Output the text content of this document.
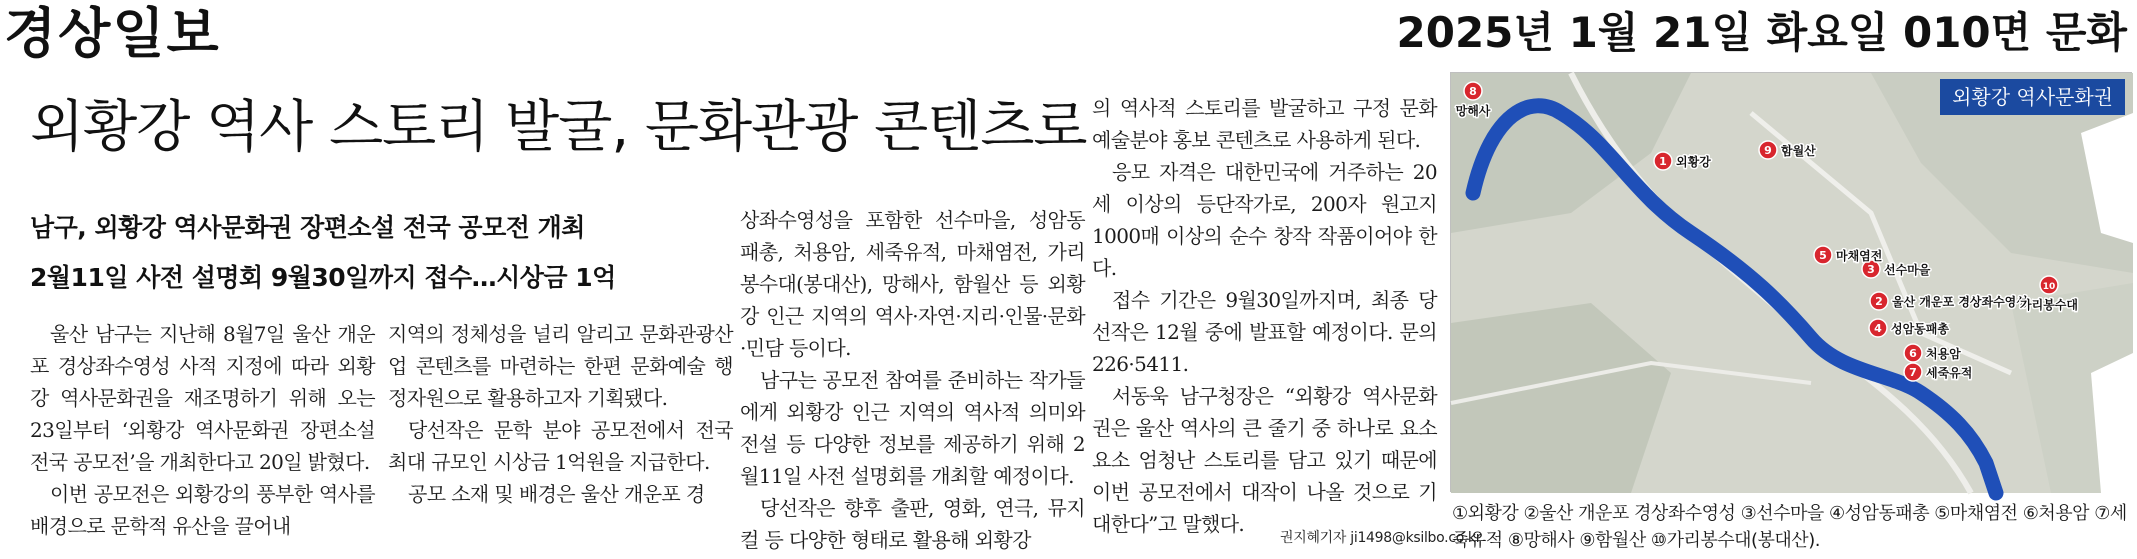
경상일보	2025년 1월 21일 화요일 010면 문화
외황강 역사 스토리 발굴, 문화관광 콘텐츠로
남구, 외황강 역사문화권 장편소설 전국 공모전 개최
2월11일 사전 설명회 9월30일까지 접수…시상금 1억

울산 남구는 지난해 8월7일 울산 개운포 경상좌수영성 사적 지정에 따라 외황강 역사문화권을 재조명하기 위해 오는 23일부터 ‘외황강 역사문화권 장편소설 전국 공모전’을 개최한다고 20일 밝혔다.

이번 공모전은 외황강의 풍부한 역사를 배경으로 문학적 유산을 끌어내

지역의 정체성을 널리 알리고 문화관광산업 콘텐츠를 마련하는 한편 문화예술 행정자원으로 활용하고자 기획됐다.

당선작은 문학 분야 공모전에서 전국 최대 규모인 시상금 1억원을 지급한다.

공모 소재 및 배경은 울산 개운포 경

상좌수영성을 포함한 선수마을, 성암동 패총, 처용암, 세죽유적, 마채염전, 가리봉수대(봉대산), 망해사, 함월산 등 외황강 인근 지역의 역사·자연·지리·인물·문화·민담 등이다.

남구는 공모전 참여를 준비하는 작가들에게 외황강 인근 지역의 역사적 의미와 전설 등 다양한 정보를 제공하기 위해 2월11일 사전 설명회를 개최할 예정이다.

당선작은 향후 출판, 영화, 연극, 뮤지컬 등 다양한 형태로 활용해 외황강

의 역사적 스토리를 발굴하고 구정 문화예술분야 홍보 콘텐츠로 사용하게 된다.

응모 자격은 대한민국에 거주하는 20세 이상의 등단작가로, 200자 원고지 1000매 이상의 순수 창작 작품이어야 한다.

접수 기간은 9월30일까지며, 최종 당선작은 12월 중에 발표할 예정이다. 문의 226·5411.

서동욱 남구청장은 “외황강 역사문화권은 울산 역사의 큰 줄기 중 하나로 요소요소 엄청난 스토리를 담고 있기 때문에 이번 공모전에서 대작이 나올 것으로 기대한다”고 말했다.

권지혜기자 ji1498@ksilbo.co.kr
1 외황강
2 울산 개운포 경상좌수영성
3 선수마을
4 성암동패총
5 마채염전
6 처용암
7 세죽유적
8
망해사
9 함월산
10
가리봉수대
외황강 역사문화권
①외황강 ②울산 개운포 경상좌수영성 ③선수마을 ④성암동패총 ⑤마채염전 ⑥처용암 ⑦세죽유적 ⑧망해사 ⑨함월산 ⑩가리봉수대(봉대산).
